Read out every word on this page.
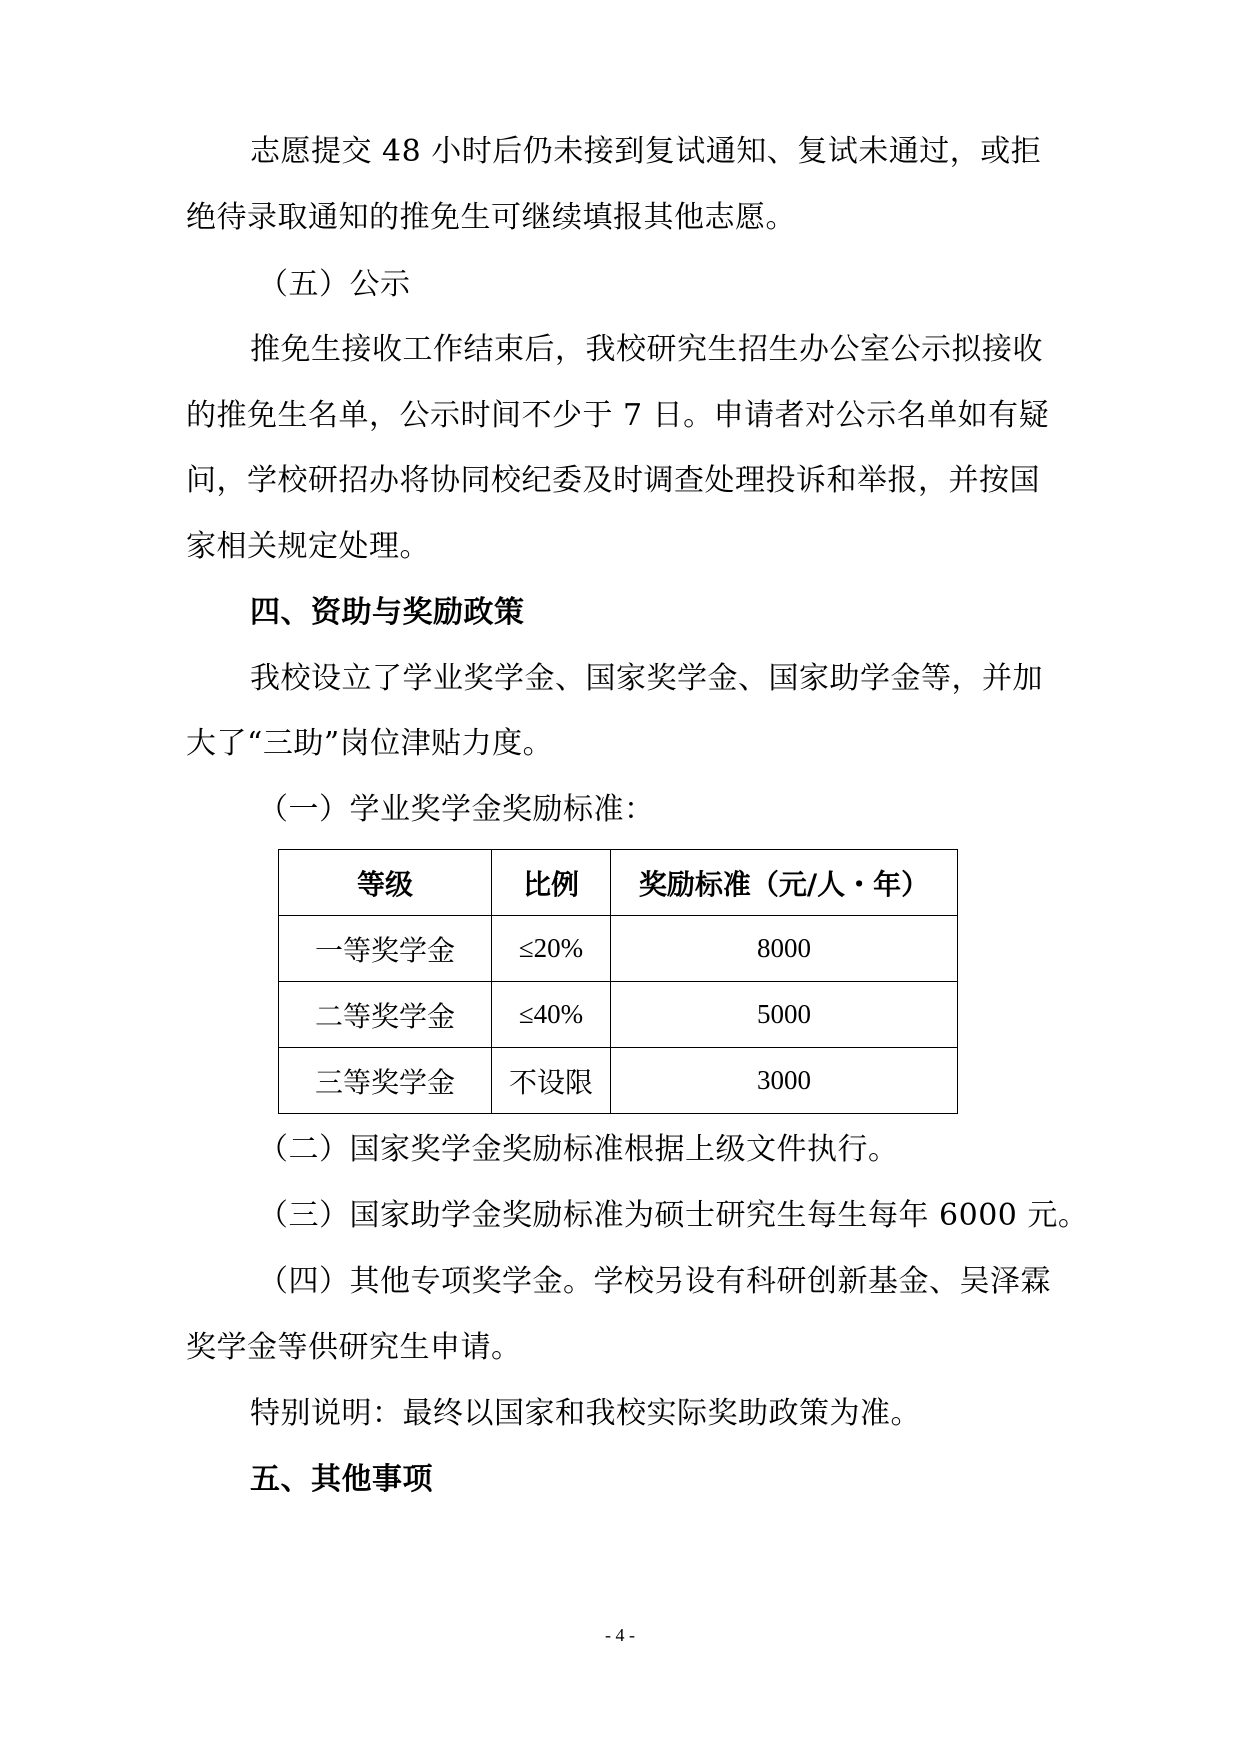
志愿提交 48 小时后仍未接到复试通知、复试未通过，或拒
绝待录取通知的推免生可继续填报其他志愿。
（五）公示
推免生接收工作结束后，我校研究生招生办公室公示拟接收
的推免生名单，公示时间不少于 7 日。申请者对公示名单如有疑
问，学校研招办将协同校纪委及时调查处理投诉和举报，并按国
家相关规定处理。
四、资助与奖励政策
我校设立了学业奖学金、国家奖学金、国家助学金等，并加
大了“三助”岗位津贴力度。
（一）学业奖学金奖励标准：
等级	比例	奖励标准（元/人・年）
一等奖学金	≤20%	8000
二等奖学金	≤40%	5000
三等奖学金	不设限	3000
（二）国家奖学金奖励标准根据上级文件执行。
（三）国家助学金奖励标准为硕士研究生每生每年 6000 元。
（四）其他专项奖学金。学校另设有科研创新基金、吴泽霖
奖学金等供研究生申请。
特别说明：最终以国家和我校实际奖助政策为准。
五、其他事项
- 4 -
